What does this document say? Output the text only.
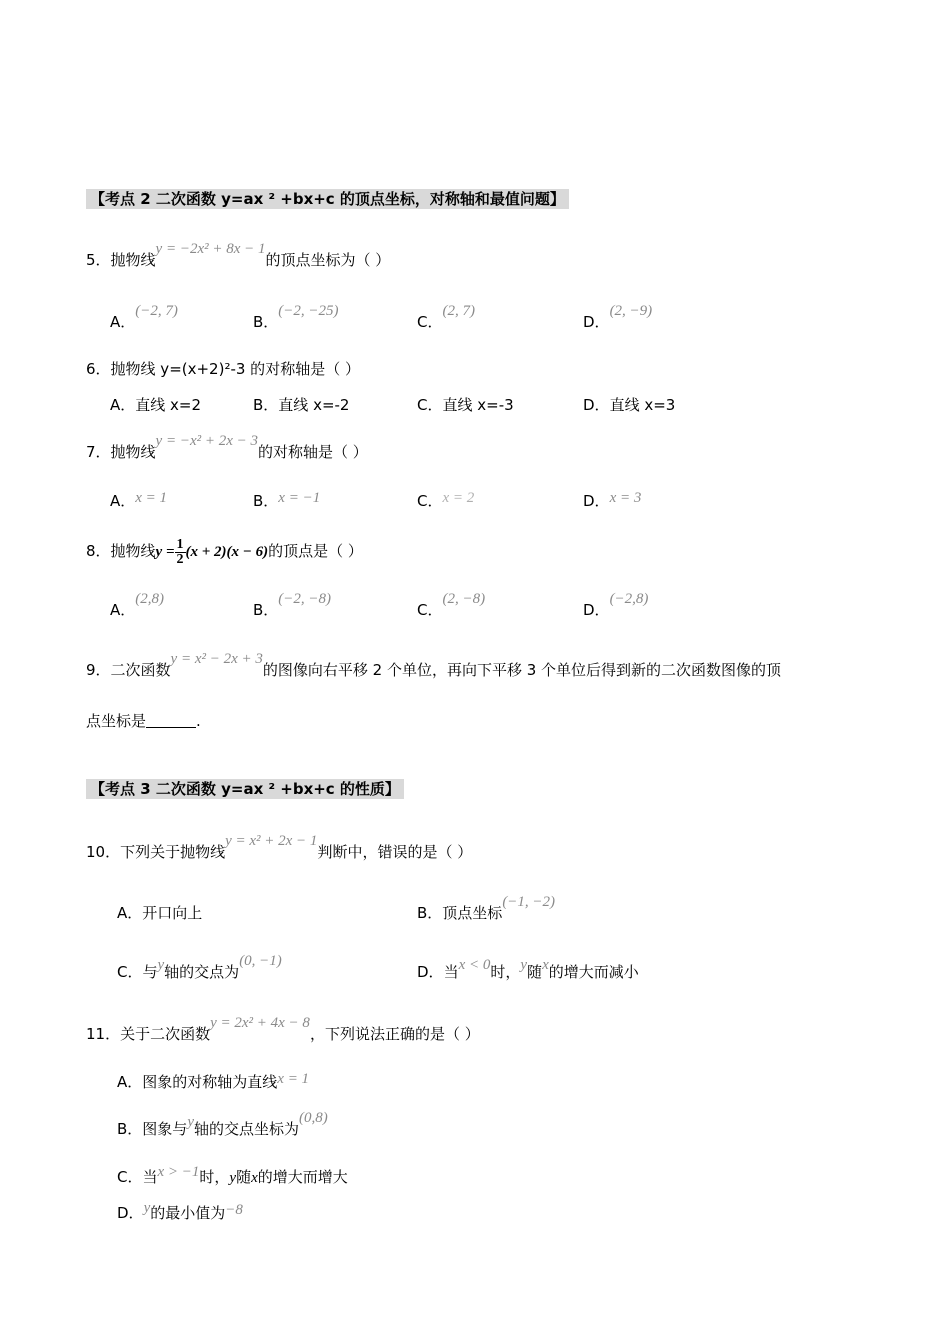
【考点 2 二次函数 y=ax ² +bx+c 的顶点坐标，对称轴和最值问题】
5．抛物线y = −2x² + 8x − 1的顶点坐标为（ ）
A．(−2, 7)
B．(−2, −25)
C．(2, 7)
D．(2, −9)
6．抛物线 y=(x+2)²-3 的对称轴是（ ）
A．直线 x=2	B．直线 x=-2	C．直线 x=-3	D．直线 x=3
7．抛物线y = −x² + 2x − 3的对称轴是（ ）
A．x = 1	B．x = −1	C．x = 2	D．x = 3
8．抛物线$y = \frac{1}{2} (x + 2)(x - 6)$的顶点是（ ）
A．(2,8)
B．(−2, −8)
C．(2, −8)
D．(−2,8)
9．二次函数y = x² − 2x + 3的图像向右平移 2 个单位，再向下平移 3 个单位后得到新的二次函数图像的顶
点坐标是	.
【考点 3 二次函数 y=ax ² +bx+c 的性质】
10．下列关于抛物线y = x² + 2x − 1判断中，错误的是（ ）
A．开口向上	B．顶点坐标(−1, −2)
C．与y轴的交点为(0, −1)
D．当x < 0时，y随x的增大而减小
11．关于二次函数y = 2x² + 4x − 8，下列说法正确的是（ ）
A．图象的对称轴为直线x = 1
B．图象与y轴的交点坐标为(0,8)
C．当x > −1时，y随x的增大而增大
D．y的最小值为−8
